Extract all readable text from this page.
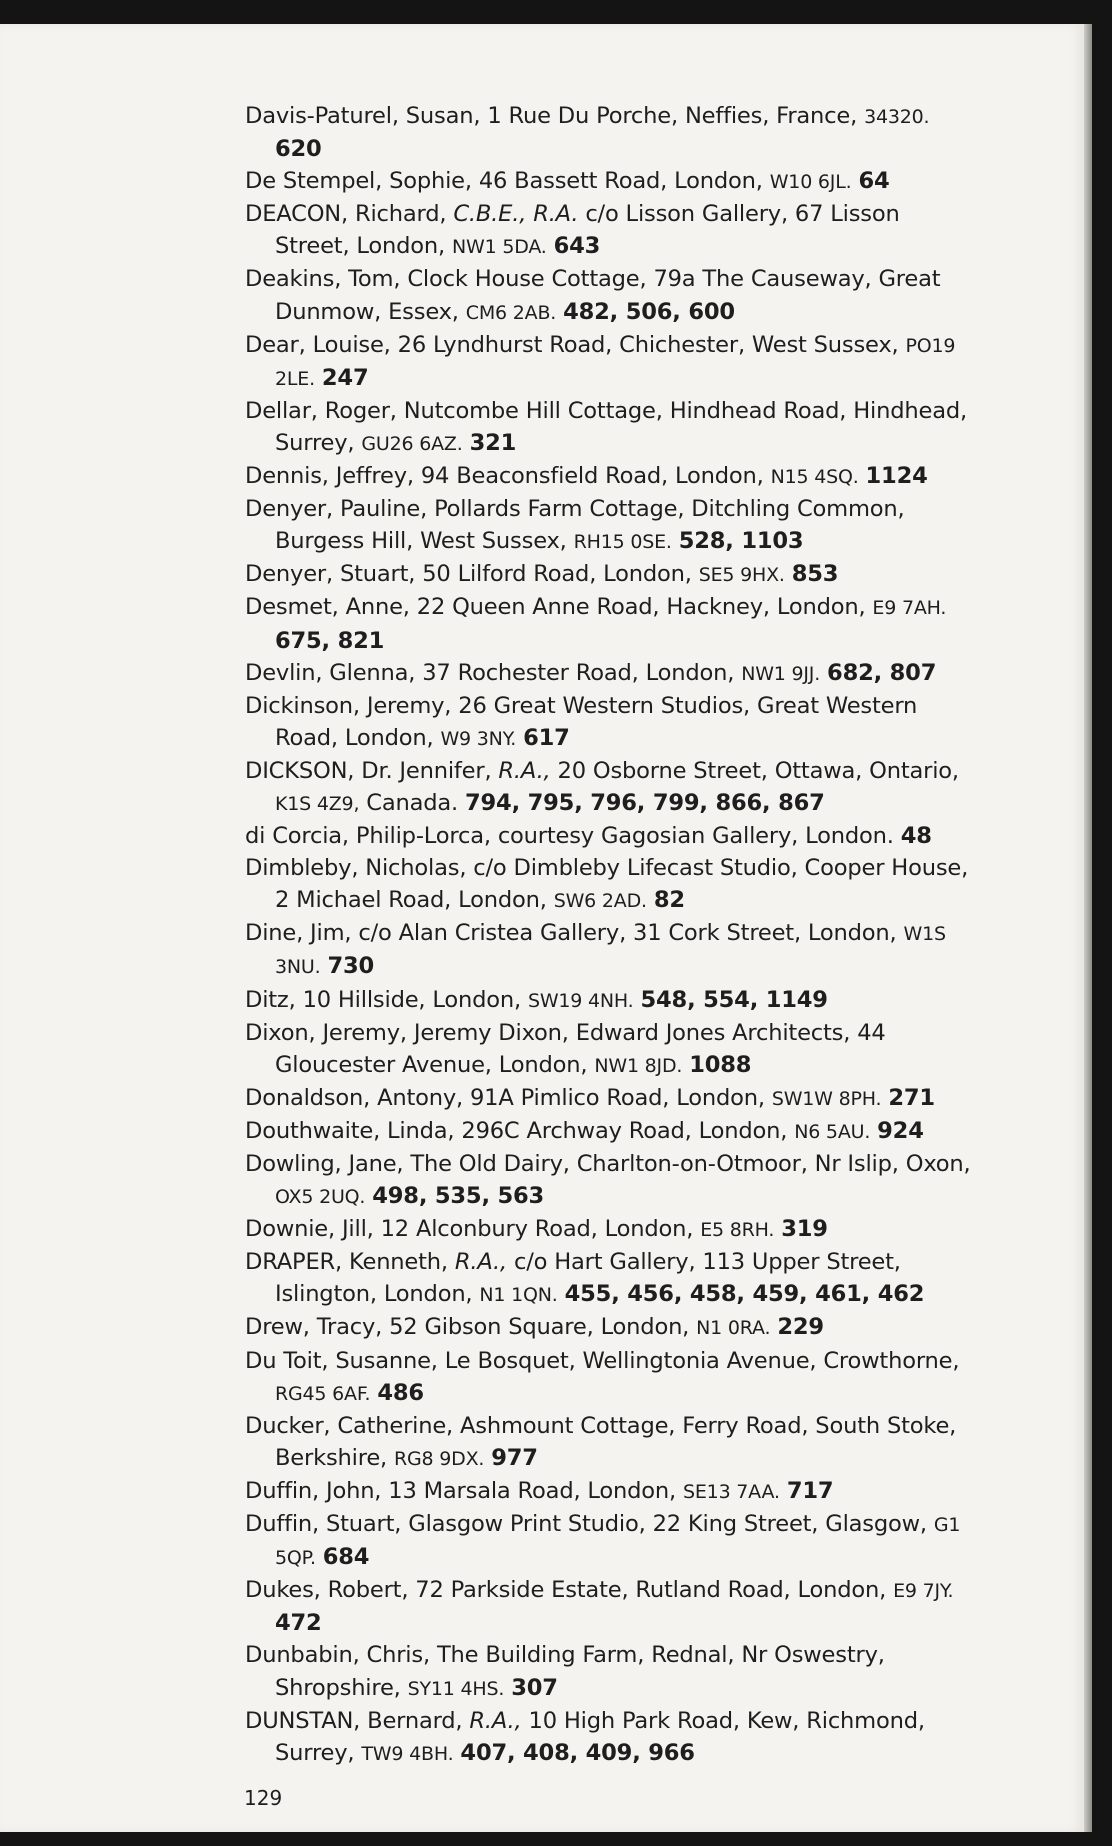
Davis-Paturel, Susan, 1 Rue Du Porche, Neffies, France, 34320. 620
De Stempel, Sophie, 46 Bassett Road, London, W10 6JL. 64
DEACON, Richard, C.B.E., R.A. c/o Lisson Gallery, 67 Lisson Street, London, NW1 5DA. 643
Deakins, Tom, Clock House Cottage, 79a The Causeway, Great Dunmow, Essex, CM6 2AB. 482, 506, 600
Dear, Louise, 26 Lyndhurst Road, Chichester, West Sussex, PO19 2LE. 247
Dellar, Roger, Nutcombe Hill Cottage, Hindhead Road, Hindhead, Surrey, GU26 6AZ. 321
Dennis, Jeffrey, 94 Beaconsfield Road, London, N15 4SQ. 1124
Denyer, Pauline, Pollards Farm Cottage, Ditchling Common, Burgess Hill, West Sussex, RH15 0SE. 528, 1103
Denyer, Stuart, 50 Lilford Road, London, SE5 9HX. 853
Desmet, Anne, 22 Queen Anne Road, Hackney, London, E9 7AH. 675, 821
Devlin, Glenna, 37 Rochester Road, London, NW1 9JJ. 682, 807
Dickinson, Jeremy, 26 Great Western Studios, Great Western Road, London, W9 3NY. 617
DICKSON, Dr. Jennifer, R.A., 20 Osborne Street, Ottawa, Ontario, K1S 4Z9, Canada. 794, 795, 796, 799, 866, 867
di Corcia, Philip-Lorca, courtesy Gagosian Gallery, London. 48
Dimbleby, Nicholas, c/o Dimbleby Lifecast Studio, Cooper House, 2 Michael Road, London, SW6 2AD. 82
Dine, Jim, c/o Alan Cristea Gallery, 31 Cork Street, London, W1S 3NU. 730
Ditz, 10 Hillside, London, SW19 4NH. 548, 554, 1149
Dixon, Jeremy, Jeremy Dixon, Edward Jones Architects, 44 Gloucester Avenue, London, NW1 8JD. 1088
Donaldson, Antony, 91A Pimlico Road, London, SW1W 8PH. 271
Douthwaite, Linda, 296C Archway Road, London, N6 5AU. 924
Dowling, Jane, The Old Dairy, Charlton-on-Otmoor, Nr Islip, Oxon, OX5 2UQ. 498, 535, 563
Downie, Jill, 12 Alconbury Road, London, E5 8RH. 319
DRAPER, Kenneth, R.A., c/o Hart Gallery, 113 Upper Street, Islington, London, N1 1QN. 455, 456, 458, 459, 461, 462
Drew, Tracy, 52 Gibson Square, London, N1 0RA. 229
Du Toit, Susanne, Le Bosquet, Wellingtonia Avenue, Crowthorne, RG45 6AF. 486
Ducker, Catherine, Ashmount Cottage, Ferry Road, South Stoke, Berkshire, RG8 9DX. 977
Duffin, John, 13 Marsala Road, London, SE13 7AA. 717
Duffin, Stuart, Glasgow Print Studio, 22 King Street, Glasgow, G1 5QP. 684
Dukes, Robert, 72 Parkside Estate, Rutland Road, London, E9 7JY. 472
Dunbabin, Chris, The Building Farm, Rednal, Nr Oswestry, Shropshire, SY11 4HS. 307
DUNSTAN, Bernard, R.A., 10 High Park Road, Kew, Richmond, Surrey, TW9 4BH. 407, 408, 409, 966
129
